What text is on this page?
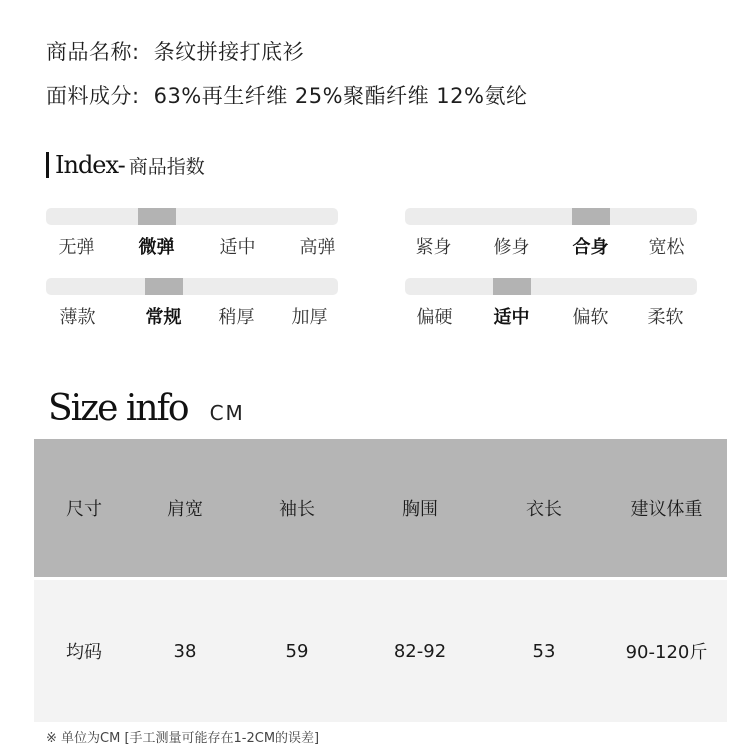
商品名称: 条纹拼接打底衫
面料成分: 63%再生纤维 25%聚酯纤维 12%氨纶
Index- 商品指数
无弹	微弹	适中	高弹	紧身	修身	合身	宽松
薄款	常规	稍厚	加厚	偏硬	适中	偏软	柔软
Size info CM
尺寸	肩宽	袖长	胸围	衣长	建议体重
均码	38	59	82-92	53	90-120斤
※ 单位为CM [手工测量可能存在1-2CM的误差]
